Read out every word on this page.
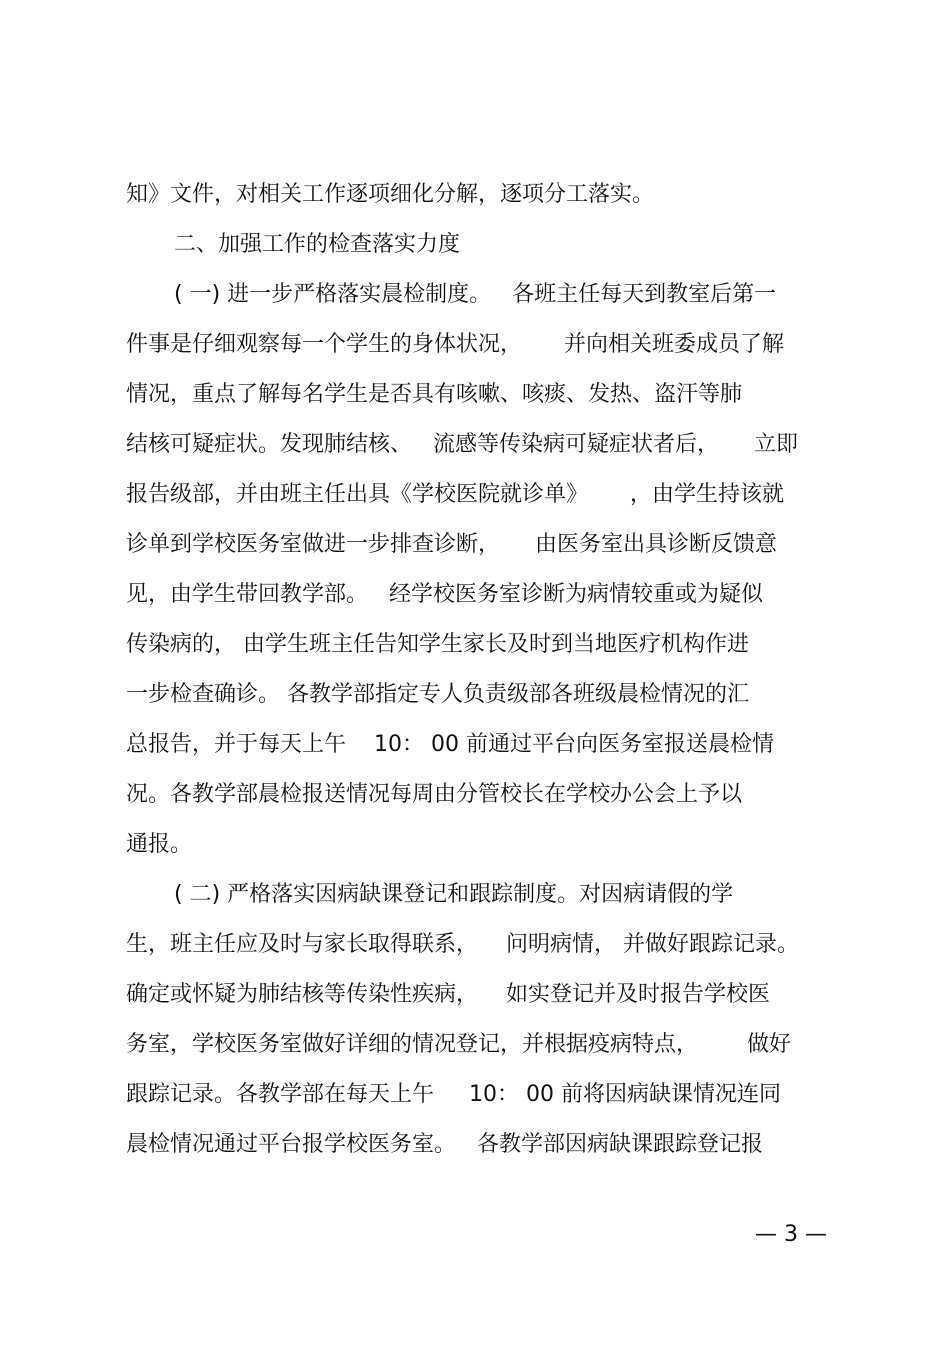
知》文件，对相关工作逐项细化分解，逐项分工落实。
二、加强工作的检查落实力度
( 一) 进一步严格落实晨检制度。   各班主任每天到教室后第一
件事是仔细观察每一个学生的身体状况，      并向相关班委成员了解
情况，重点了解每名学生是否具有咳嗽、咳痰、发热、盗汗等肺
结核可疑症状。发现肺结核、   流感等传染病可疑症状者后，     立即
报告级部，并由班主任出具《学校医院就诊单》      ，由学生持该就
诊单到学校医务室做进一步排查诊断，     由医务室出具诊断反馈意
见，由学生带回教学部。   经学校医务室诊断为病情较重或为疑似
传染病的， 由学生班主任告知学生家长及时到当地医疗机构作进
一步检查确诊。 各教学部指定专人负责级部各班级晨检情况的汇
总报告，并于每天上午    10： 00 前通过平台向医务室报送晨检情
况。各教学部晨检报送情况每周由分管校长在学校办公会上予以
通报。
( 二) 严格落实因病缺课登记和跟踪制度。对因病请假的学
生，班主任应及时与家长取得联系，    问明病情， 并做好跟踪记录。
确定或怀疑为肺结核等传染性疾病，    如实登记并及时报告学校医
务室，学校医务室做好详细的情况登记，并根据疫病特点，       做好
跟踪记录。各教学部在每天上午     10： 00 前将因病缺课情况连同
晨检情况通过平台报学校医务室。   各教学部因病缺课跟踪登记报
— 3 —
